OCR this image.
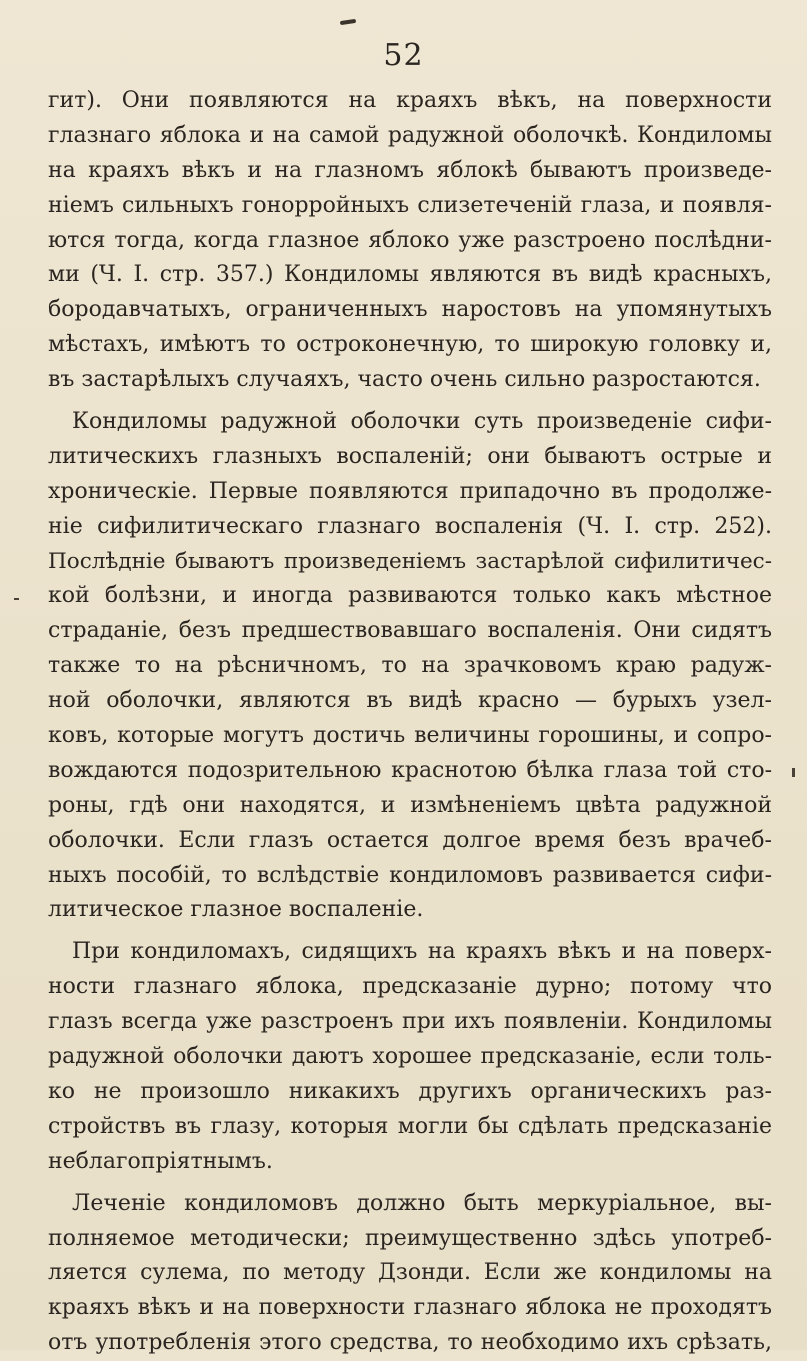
52
гит). Они появляются на краяхъ вѣкъ, на поверхности
глазнаго яблока и на самой радужной оболочкѣ. Кондиломы
на краяхъ вѣкъ и на глазномъ яблокѣ бываютъ произведе-
ніемъ сильныхъ гонорройныхъ слизетеченій глаза, и появля-
ются тогда, когда глазное яблоко уже разстроено послѣдни-
ми (Ч. І. стр. 357.) Кондиломы являются въ видѣ красныхъ,
бородавчатыхъ, ограниченныхъ наростовъ на упомянутыхъ
мѣстахъ, имѣютъ то остроконечную, то широкую головку и,
въ застарѣлыхъ случаяхъ, часто очень сильно разростаются.
Кондиломы радужной оболочки суть произведеніе сифи-
литическихъ глазныхъ воспаленій; они бываютъ острые и
хроническіе. Первые появляются припадочно въ продолже-
ніе сифилитическаго глазнаго воспаленія (Ч. І. стр. 252).
Послѣдніе бываютъ произведеніемъ застарѣлой сифилитичес-
кой болѣзни, и иногда развиваются только какъ мѣстное
страданіе, безъ предшествовавшаго воспаленія. Они сидятъ
также то на рѣсничномъ, то на зрачковомъ краю радуж-
ной оболочки, являются въ видѣ красно — бурыхъ узел-
ковъ, которые могутъ достичь величины горошины, и сопро-
вождаются подозрительною краснотою бѣлка глаза той сто-
роны, гдѣ они находятся, и измѣненіемъ цвѣта радужной
оболочки. Если глазъ остается долгое время безъ врачеб-
ныхъ пособій, то вслѣдствіе кондиломовъ развивается сифи-
литическое глазное воспаленіе.
При кондиломахъ, сидящихъ на краяхъ вѣкъ и на поверх-
ности глазнаго яблока, предсказаніе дурно; потому что
глазъ всегда уже разстроенъ при ихъ появленіи. Кондиломы
радужной оболочки даютъ хорошее предсказаніе, если толь-
ко не произошло никакихъ другихъ органическихъ раз-
стройствъ въ глазу, которыя могли бы сдѣлать предсказаніе
неблагопріятнымъ.
Леченіе кондиломовъ должно быть меркуріальное, вы-
полняемое методически; преимущественно здѣсь употреб-
ляется сулема, по методу Дзонди. Если же кондиломы на
краяхъ вѣкъ и на поверхности глазнаго яблока не проходятъ
отъ употребленія этого средства, то необходимо ихъ срѣзать,
